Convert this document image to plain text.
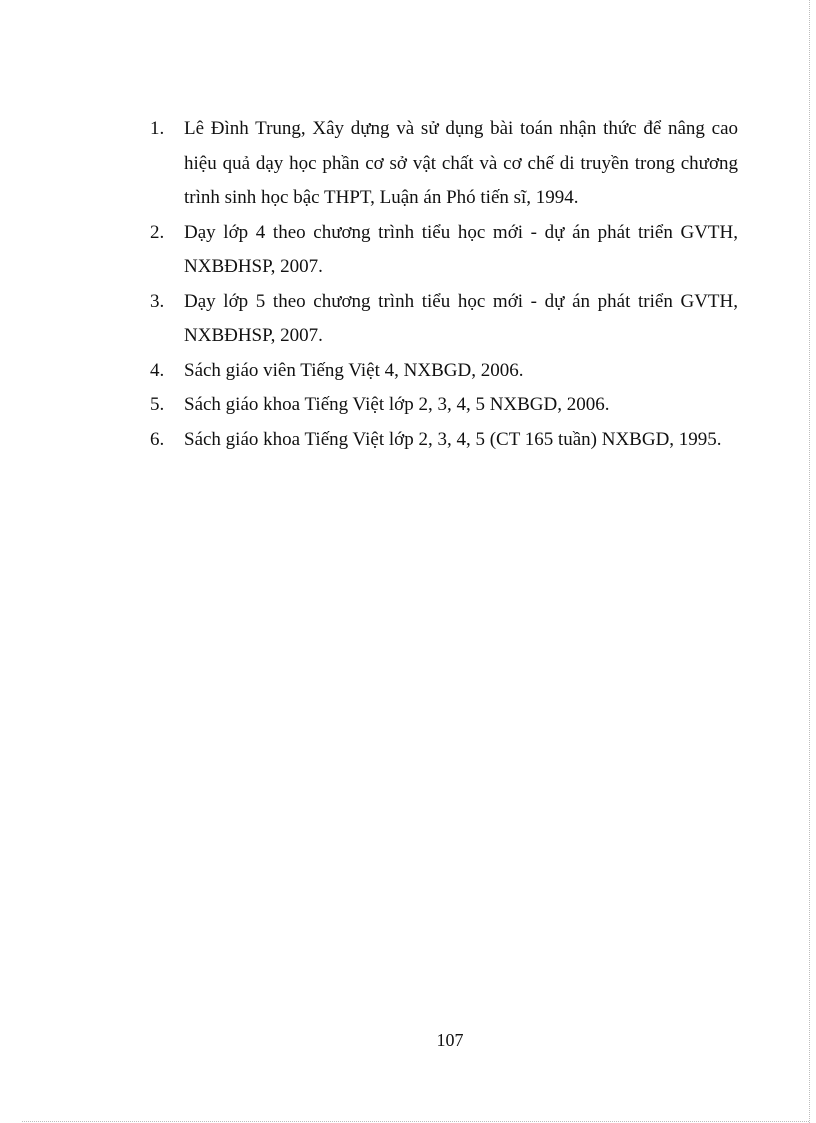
1. Lê Đình Trung, Xây dựng và sử dụng bài toán nhận thức để nâng cao hiệu quả dạy học phần cơ sở vật chất và cơ chế di truyền trong chương trình sinh học bậc THPT, Luận án Phó tiến sĩ, 1994.
2. Dạy lớp 4 theo chương trình tiểu học mới - dự án phát triển GVTH, NXBĐHSP, 2007.
3. Dạy lớp 5 theo chương trình tiểu học mới - dự án phát triển GVTH, NXBĐHSP, 2007.
4. Sách giáo viên Tiếng Việt 4, NXBGD, 2006.
5. Sách giáo khoa Tiếng Việt lớp 2, 3, 4, 5 NXBGD, 2006.
6. Sách giáo khoa Tiếng Việt lớp 2, 3, 4, 5 (CT 165 tuần) NXBGD, 1995.
107
